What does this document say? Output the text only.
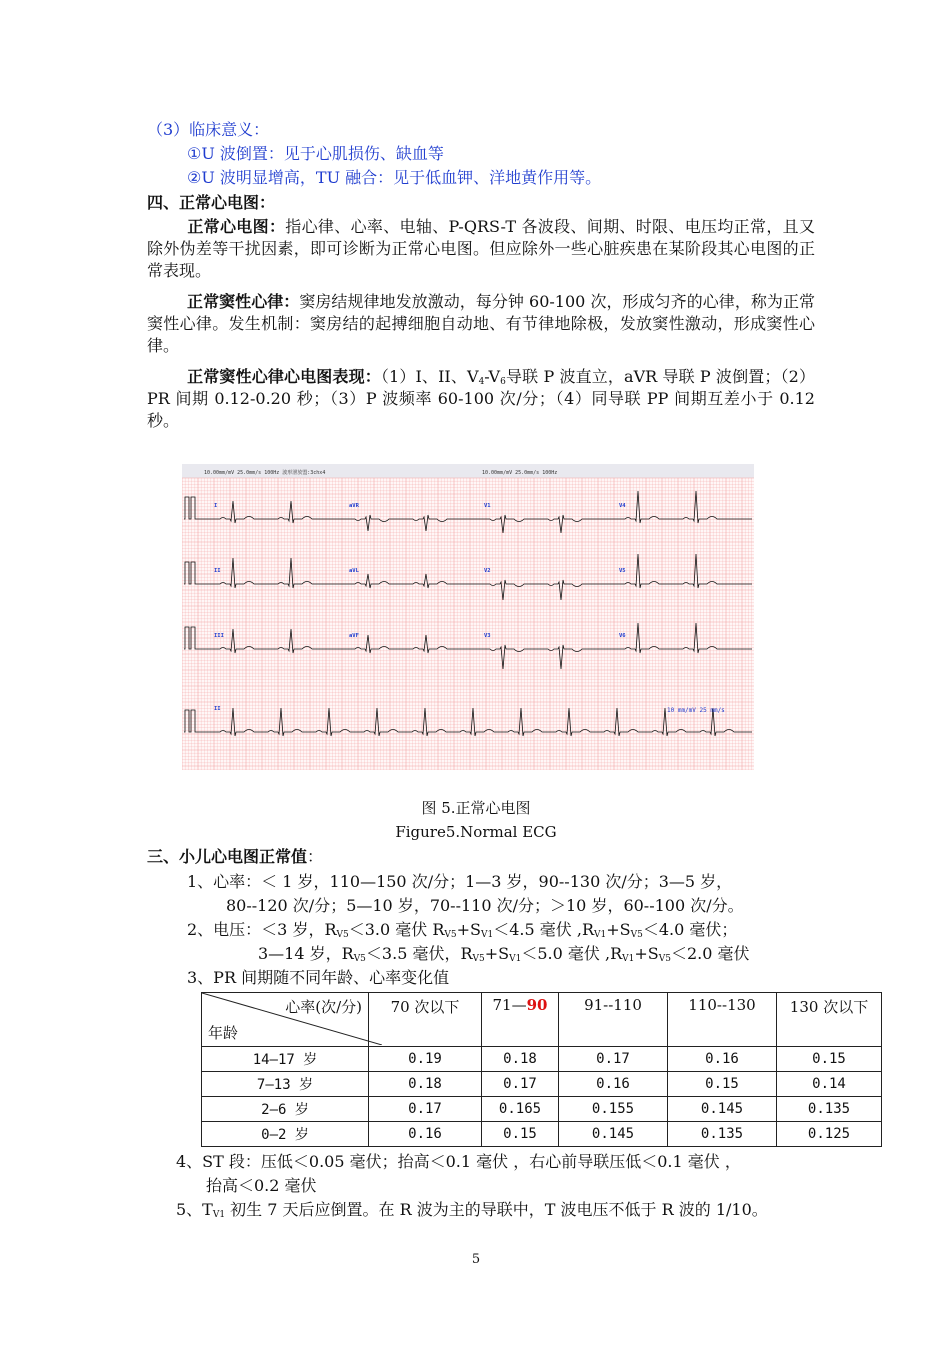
（3）临床意义：
①U 波倒置：见于心肌损伤、缺血等
②U 波明显增高，TU 融合：见于低血钾、洋地黄作用等。
四、正常心电图：
正常心电图：指心律、心率、电轴、P-QRS-T 各波段、间期、时限、电压均正常，且又除外伪差等干扰因素，即可诊断为正常心电图。但应除外一些心脏疾患在某阶段其心电图的正常表现。
正常窦性心律：窦房结规律地发放激动，每分钟 60-100 次，形成匀齐的心律，称为正常窦性心律。发生机制：窦房结的起搏细胞自动地、有节律地除极，发放窦性激动，形成窦性心律。
正常窦性心律心电图表现：（1）I、II、$V_4-V_6$导联 P 波直立，aVR 导联 P 波倒置；（2）PR 间期 0.12-0.20 秒；（3）P 波频率 60-100 次/分；（4）同导联 PP 间期互差小于 0.12 秒。
10.00mm/mV 25.0mm/s 100Hz 波形泄放盟:3chx4	10.00mm/mV 25.0mm/s 100Hz
I	aVR	V1	V4
II	aVL	V2	V5
III	aVF	V3	V6
II	10 mm/mV 25 mm/s
图 5.正常心电图
Figure5.Normal ECG
三、小儿心电图正常值：
1、心率：＜ 1 岁，110—150 次/分；1—3 岁，90--130 次/分；3—5 岁，
80--120 次/分；5—10 岁，70--110 次/分；＞10 岁，60--100 次/分。
2、电压：＜3 岁，$R_{V5}<3.0$ 毫伏 $R_{V5}+S_{V1}<4.5$ 毫伏 $,R_{V1}+S_{V5}<4.0$ 毫伏；
3—14 岁，$R_{V5}<3.5$ 毫伏，$R_{V5}+S_{V1}<5.0$ 毫伏 $,R_{V1}+S_{V5}<2.0$ 毫伏
3、PR 间期随不同年龄、心率变化值
心率(次/分)
年龄	70 次以下	71—90	91--110	110--130	130 次以下
14—17 岁	0.19	0.18	0.17	0.16	0.15
7—13 岁	0.18	0.17	0.16	0.15	0.14
2—6 岁	0.17	0.165	0.155	0.145	0.135
0—2 岁	0.16	0.15	0.145	0.135	0.125
4、ST 段：压低＜0.05 毫伏；抬高＜0.1 毫伏 ，右心前导联压低＜0.1 毫伏 ，
抬高＜0.2 毫伏
5、$T_{V1}$ 初生 7 天后应倒置。在 R 波为主的导联中，T 波电压不低于 R 波的 1/10。
5
